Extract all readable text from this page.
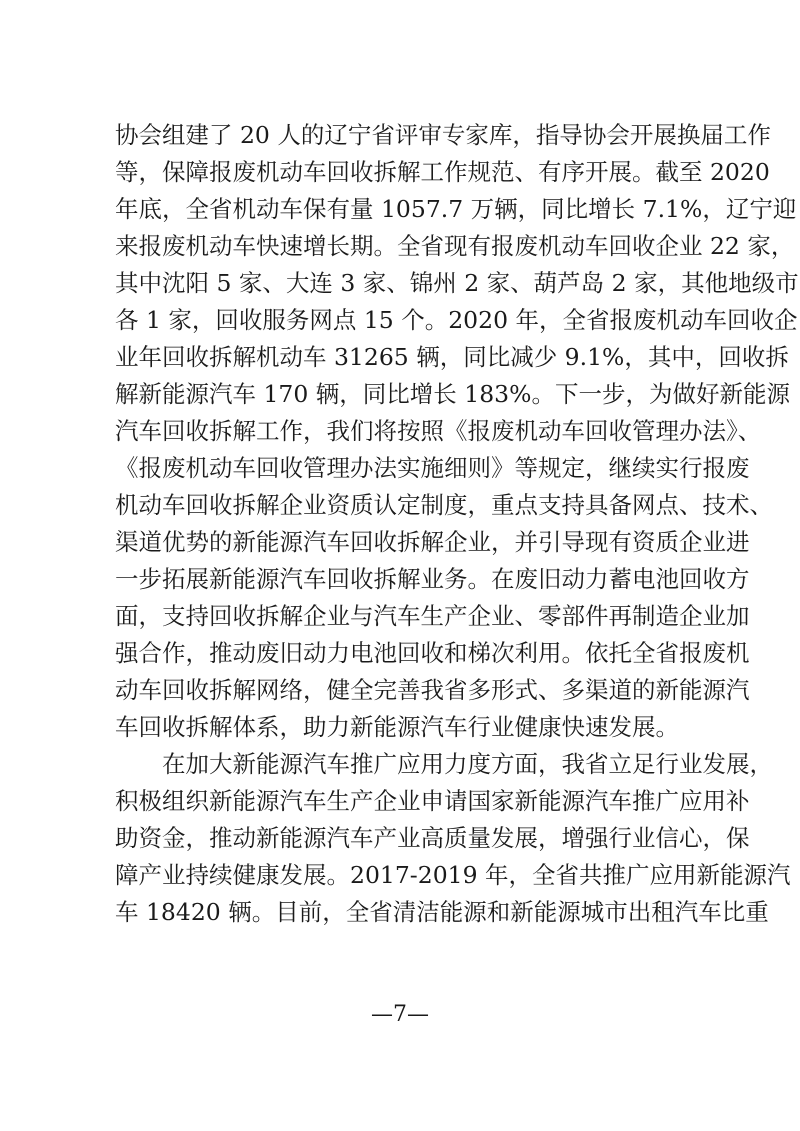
协会组建了 20 人的辽宁省评审专家库，指导协会开展换届工作
等，保障报废机动车回收拆解工作规范、有序开展。截至 2020
年底，全省机动车保有量 1057.7 万辆，同比增长 7.1%，辽宁迎
来报废机动车快速增长期。全省现有报废机动车回收企业 22 家，
其中沈阳 5 家、大连 3 家、锦州 2 家、葫芦岛 2 家，其他地级市
各 1 家，回收服务网点 15 个。2020 年，全省报废机动车回收企
业年回收拆解机动车 31265 辆，同比减少 9.1%，其中，回收拆
解新能源汽车 170 辆，同比增长 183%。下一步，为做好新能源
汽车回收拆解工作，我们将按照《报废机动车回收管理办法》、
《报废机动车回收管理办法实施细则》等规定，继续实行报废
机动车回收拆解企业资质认定制度，重点支持具备网点、技术、
渠道优势的新能源汽车回收拆解企业，并引导现有资质企业进
一步拓展新能源汽车回收拆解业务。在废旧动力蓄电池回收方
面，支持回收拆解企业与汽车生产企业、零部件再制造企业加
强合作，推动废旧动力电池回收和梯次利用。依托全省报废机
动车回收拆解网络，健全完善我省多形式、多渠道的新能源汽
车回收拆解体系，助力新能源汽车行业健康快速发展。
在加大新能源汽车推广应用力度方面，我省立足行业发展，
积极组织新能源汽车生产企业申请国家新能源汽车推广应用补
助资金，推动新能源汽车产业高质量发展，增强行业信心，保
障产业持续健康发展。2017-2019 年，全省共推广应用新能源汽
车 18420 辆。目前，全省清洁能源和新能源城市出租汽车比重
—7—
